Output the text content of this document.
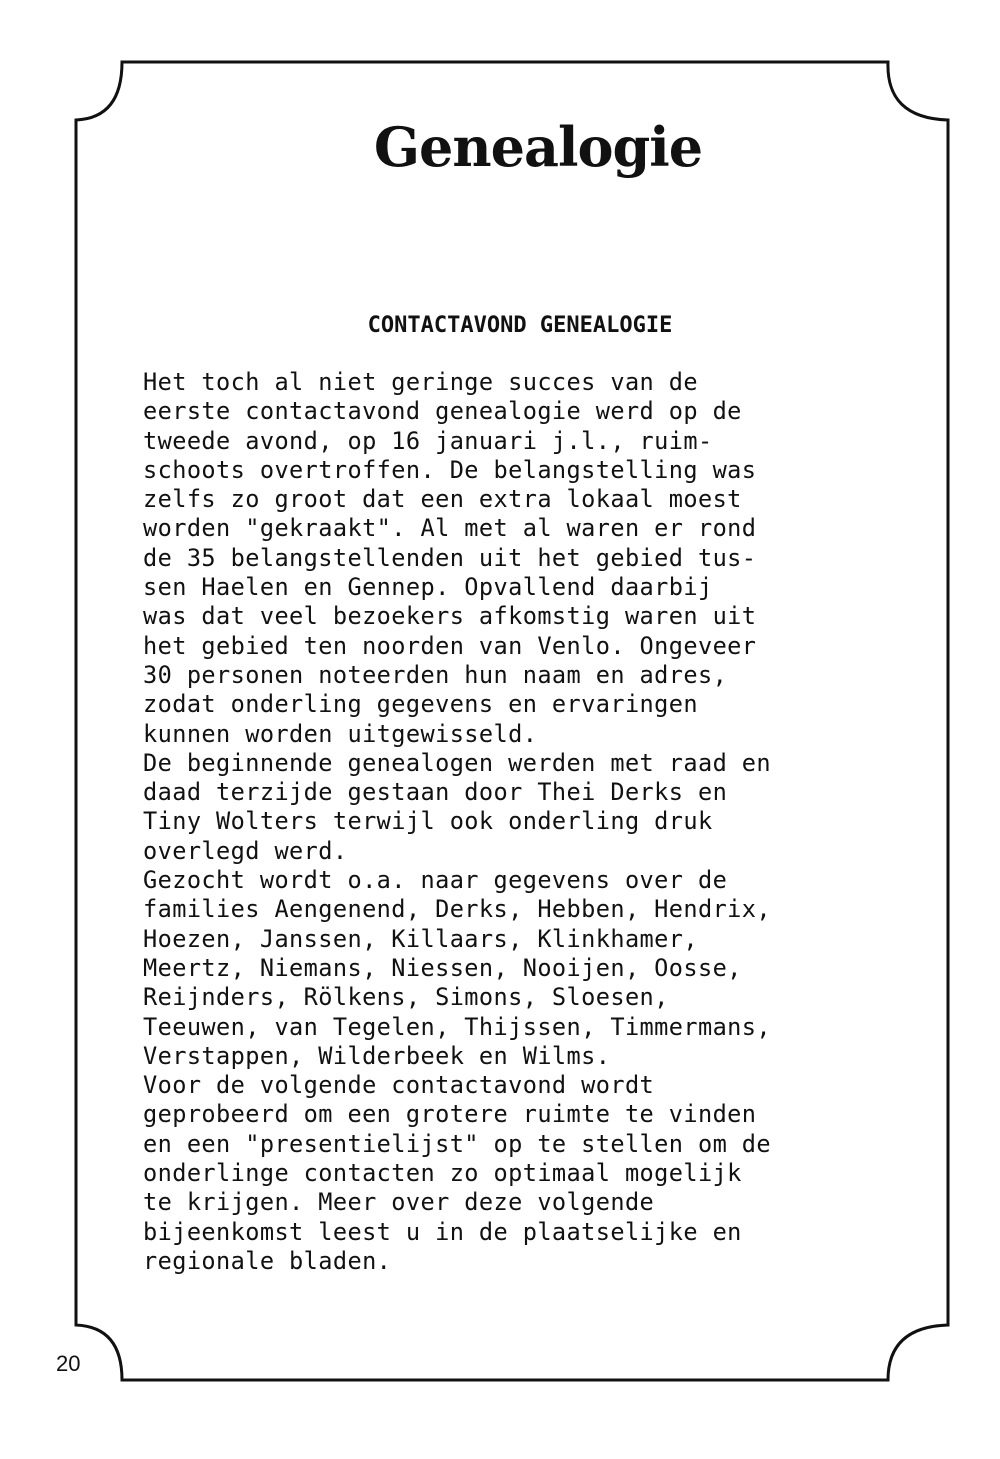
Genealogie
CONTACTAVOND GENEALOGIE
Het toch al niet geringe succes van de
eerste contactavond genealogie werd op de
tweede avond, op 16 januari j.l., ruim-
schoots overtroffen. De belangstelling was
zelfs zo groot dat een extra lokaal moest
worden "gekraakt". Al met al waren er rond
de 35 belangstellenden uit het gebied tus-
sen Haelen en Gennep. Opvallend daarbij
was dat veel bezoekers afkomstig waren uit
het gebied ten noorden van Venlo. Ongeveer
30 personen noteerden hun naam en adres,
zodat onderling gegevens en ervaringen
kunnen worden uitgewisseld.
De beginnende genealogen werden met raad en
daad terzijde gestaan door Thei Derks en
Tiny Wolters terwijl ook onderling druk
overlegd werd.
Gezocht wordt o.a. naar gegevens over de
families Aengenend, Derks, Hebben, Hendrix,
Hoezen, Janssen, Killaars, Klinkhamer,
Meertz, Niemans, Niessen, Nooijen, Oosse,
Reijnders, Rölkens, Simons, Sloesen,
Teeuwen, van Tegelen, Thijssen, Timmermans,
Verstappen, Wilderbeek en Wilms.
Voor de volgende contactavond wordt
geprobeerd om een grotere ruimte te vinden
en een "presentielijst" op te stellen om de
onderlinge contacten zo optimaal mogelijk
te krijgen. Meer over deze volgende
bijeenkomst leest u in de plaatselijke en
regionale bladen.
20
